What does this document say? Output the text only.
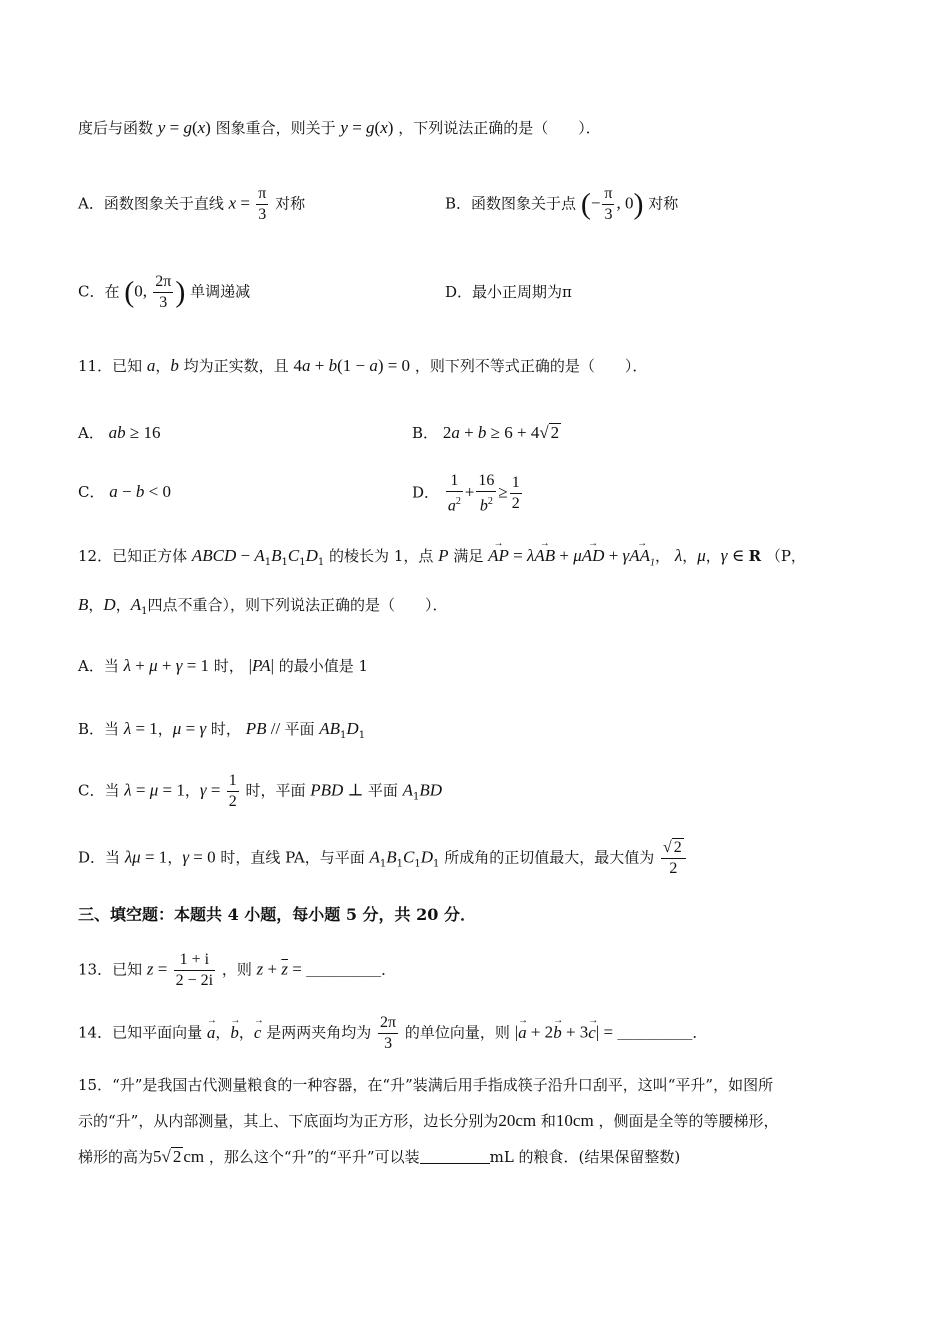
度后与函数 y = g(x) 图象重合，则关于 y = g(x) ，下列说法正确的是（　　）．
A．函数图象关于直线 $x = \frac{\pi}{3}$ 对称	B．函数图象关于点 (− $\frac{\pi}{3}$ , 0) 对称
C．在 (0, $\frac{2\pi}{3}$ ) 单调递减	D．最小正周期为π
11．已知 a，b 均为正实数，且 4a + b(1 − a) = 0 ，则下列不等式正确的是（　　）．
A． ab ≥ 16	B． 2a + b ≥ 6 + 4√ 2
C． a − b < 0	D． $\frac{1}{a^2} + \frac{16}{b^2} \ge \frac{1}{2}$
12．已知正方体 ABCD − $A_1B_1C_1D_1$ 的棱长为 1，点 P 满足 → AP = λ→ AB + μ→ AD + $\gamma\to AA_1$， λ，μ，γ ∈ R （P，
B，D，$A_1$四点不重合），则下列说法正确的是（　　）．
A．当 λ + μ + γ = 1 时， |PA| 的最小值是 1
B．当 λ = 1，μ = γ 时， PB // 平面 $AB_1D_1$
C．当 λ = μ = 1，$\gamma = \frac{1}{2}$ 时，平面 PBD ⊥ 平面 $A_1BD$
D．当 λμ = 1，γ = 0 时，直线 PA，与平面 $A_1B_1C_1D_1$ 所成角的正切值最大，最大值为 $\frac{√ 2}{2}$
三、填空题：本题共 4 小题，每小题 5 分，共 20 分．
13．已知 $z = \frac{1 + i}{2 - 2i}$ ，则 $z + \overline{z}$ = ＿＿＿＿＿．
14．已知平面向量 → a，→ b，→ c 是两两夹角均为 $\frac{2\pi}{3}$ 的单位向量，则 |→ a + 2→ b + 3→ c| = ＿＿＿＿＿．
15．“升”是我国古代测量粮食的一种容器，在“升”装满后用手指成筷子沿升口刮平，这叫“平升”，如图所
示的“升”，从内部测量，其上、下底面均为正方形，边长分别为20cm 和10cm ，侧面是全等的等腰梯形，
梯形的高为5√ 2 cm ，那么这个“升”的“平升”可以装	mL 的粮食．(结果保留整数)
